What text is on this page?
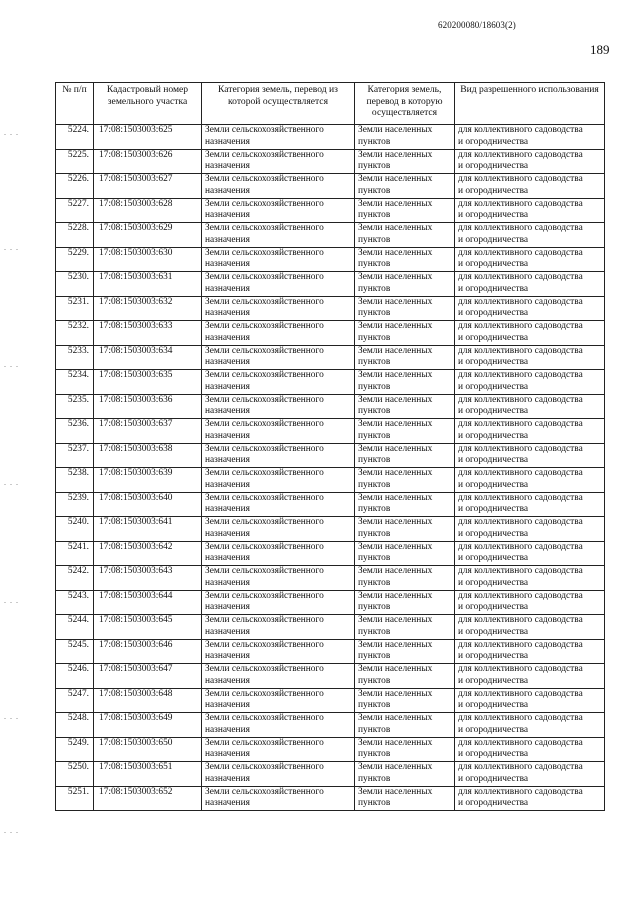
620200080/18603(2)
189
. . .
. . .
. . .
. . .
. . .
. . .
. . .
№ п/п	Кадастровый номер земельного участка	Категория земель, перевод из которой осуществляется	Категория земель, перевод в которую осуществляется	Вид разрешенного использования
5224.	17:08:1503003:625	Земли сельскохозяйственного
назначения	Земли населенных
пунктов	для коллективного садоводства
и огородничества

5225.	17:08:1503003:626	Земли сельскохозяйственного
назначения	Земли населенных
пунктов	для коллективного садоводства
и огородничества

5226.	17:08:1503003:627	Земли сельскохозяйственного
назначения	Земли населенных
пунктов	для коллективного садоводства
и огородничества

5227.	17:08:1503003:628	Земли сельскохозяйственного
назначения	Земли населенных
пунктов	для коллективного садоводства
и огородничества

5228.	17:08:1503003:629	Земли сельскохозяйственного
назначения	Земли населенных
пунктов	для коллективного садоводства
и огородничества

5229.	17:08:1503003:630	Земли сельскохозяйственного
назначения	Земли населенных
пунктов	для коллективного садоводства
и огородничества

5230.	17:08:1503003:631	Земли сельскохозяйственного
назначения	Земли населенных
пунктов	для коллективного садоводства
и огородничества

5231.	17:08:1503003:632	Земли сельскохозяйственного
назначения	Земли населенных
пунктов	для коллективного садоводства
и огородничества

5232.	17:08:1503003:633	Земли сельскохозяйственного
назначения	Земли населенных
пунктов	для коллективного садоводства
и огородничества

5233.	17:08:1503003:634	Земли сельскохозяйственного
назначения	Земли населенных
пунктов	для коллективного садоводства
и огородничества

5234.	17:08:1503003:635	Земли сельскохозяйственного
назначения	Земли населенных
пунктов	для коллективного садоводства
и огородничества

5235.	17:08:1503003:636	Земли сельскохозяйственного
назначения	Земли населенных
пунктов	для коллективного садоводства
и огородничества

5236.	17:08:1503003:637	Земли сельскохозяйственного
назначения	Земли населенных
пунктов	для коллективного садоводства
и огородничества

5237.	17:08:1503003:638	Земли сельскохозяйственного
назначения	Земли населенных
пунктов	для коллективного садоводства
и огородничества

5238.	17:08:1503003:639	Земли сельскохозяйственного
назначения	Земли населенных
пунктов	для коллективного садоводства
и огородничества

5239.	17:08:1503003:640	Земли сельскохозяйственного
назначения	Земли населенных
пунктов	для коллективного садоводства
и огородничества

5240.	17:08:1503003:641	Земли сельскохозяйственного
назначения	Земли населенных
пунктов	для коллективного садоводства
и огородничества

5241.	17:08:1503003:642	Земли сельскохозяйственного
назначения	Земли населенных
пунктов	для коллективного садоводства
и огородничества

5242.	17:08:1503003:643	Земли сельскохозяйственного
назначения	Земли населенных
пунктов	для коллективного садоводства
и огородничества

5243.	17:08:1503003:644	Земли сельскохозяйственного
назначения	Земли населенных
пунктов	для коллективного садоводства
и огородничества

5244.	17:08:1503003:645	Земли сельскохозяйственного
назначения	Земли населенных
пунктов	для коллективного садоводства
и огородничества

5245.	17:08:1503003:646	Земли сельскохозяйственного
назначения	Земли населенных
пунктов	для коллективного садоводства
и огородничества

5246.	17:08:1503003:647	Земли сельскохозяйственного
назначения	Земли населенных
пунктов	для коллективного садоводства
и огородничества

5247.	17:08:1503003:648	Земли сельскохозяйственного
назначения	Земли населенных
пунктов	для коллективного садоводства
и огородничества

5248.	17:08:1503003:649	Земли сельскохозяйственного
назначения	Земли населенных
пунктов	для коллективного садоводства
и огородничества

5249.	17:08:1503003:650	Земли сельскохозяйственного
назначения	Земли населенных
пунктов	для коллективного садоводства
и огородничества

5250.	17:08:1503003:651	Земли сельскохозяйственного
назначения	Земли населенных
пунктов	для коллективного садоводства
и огородничества

5251.	17:08:1503003:652	Земли сельскохозяйственного
назначения	Земли населенных
пунктов	для коллективного садоводства
и огородничества
